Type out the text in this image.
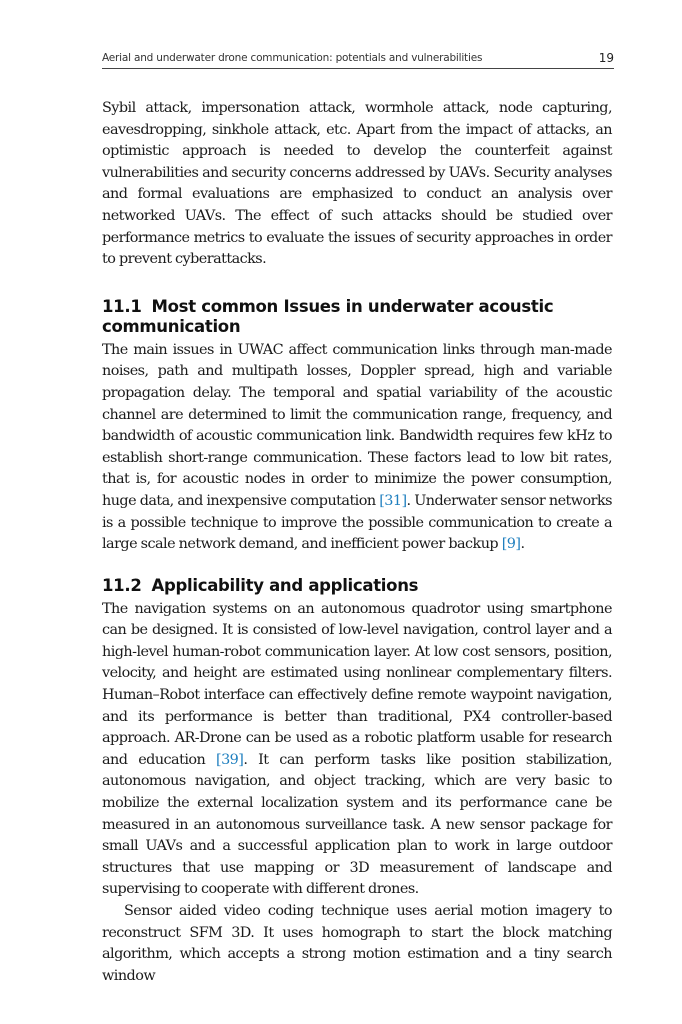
Aerial and underwater drone communication: potentials and vulnerabilities	19

Sybil attack, impersonation attack, wormhole attack, node capturing, eavesdropping, sinkhole attack, etc. Apart from the impact of attacks, an optimistic approach is needed to develop the counterfeit against vulnerabilities and security concerns addressed by UAVs. Security analyses and formal evaluations are emphasized to conduct an analysis over networked UAVs. The effect of such attacks should be studied over performance metrics to evaluate the issues of security approaches in order to prevent cyberattacks.

11.1 Most common Issues in underwater acoustic communication

The main issues in UWAC affect communication links through man-made noises, path and multipath losses, Doppler spread, high and variable propagation delay. The temporal and spatial variability of the acoustic channel are determined to limit the communication range, frequency, and bandwidth of acoustic communication link. Bandwidth requires few kHz to establish short-range communication. These factors lead to low bit rates, that is, for acoustic nodes in order to minimize the power consumption, huge data, and inexpensive computation [31]. Underwater sensor networks is a possible technique to improve the possible communication to create a large scale network demand, and inefficient power backup [9].

11.2 Applicability and applications

The navigation systems on an autonomous quadrotor using smartphone can be designed. It is consisted of low-level navigation, control layer and a high-level human-robot communication layer. At low cost sensors, position, velocity, and height are estimated using nonlinear complementary filters. Human–Robot interface can effectively define remote waypoint navigation, and its performance is better than traditional, PX4 controller-based approach. AR-Drone can be used as a robotic platform usable for research and education [39]. It can perform tasks like position stabilization, autonomous navigation, and object tracking, which are very basic to mobilize the external localization system and its performance cane be measured in an autonomous surveillance task. A new sensor package for small UAVs and a successful application plan to work in large outdoor structures that use mapping or 3D measurement of landscape and supervising to cooperate with different drones.

Sensor aided video coding technique uses aerial motion imagery to reconstruct SFM 3D. It uses homograph to start the block matching algorithm, which accepts a strong motion estimation and a tiny search window
